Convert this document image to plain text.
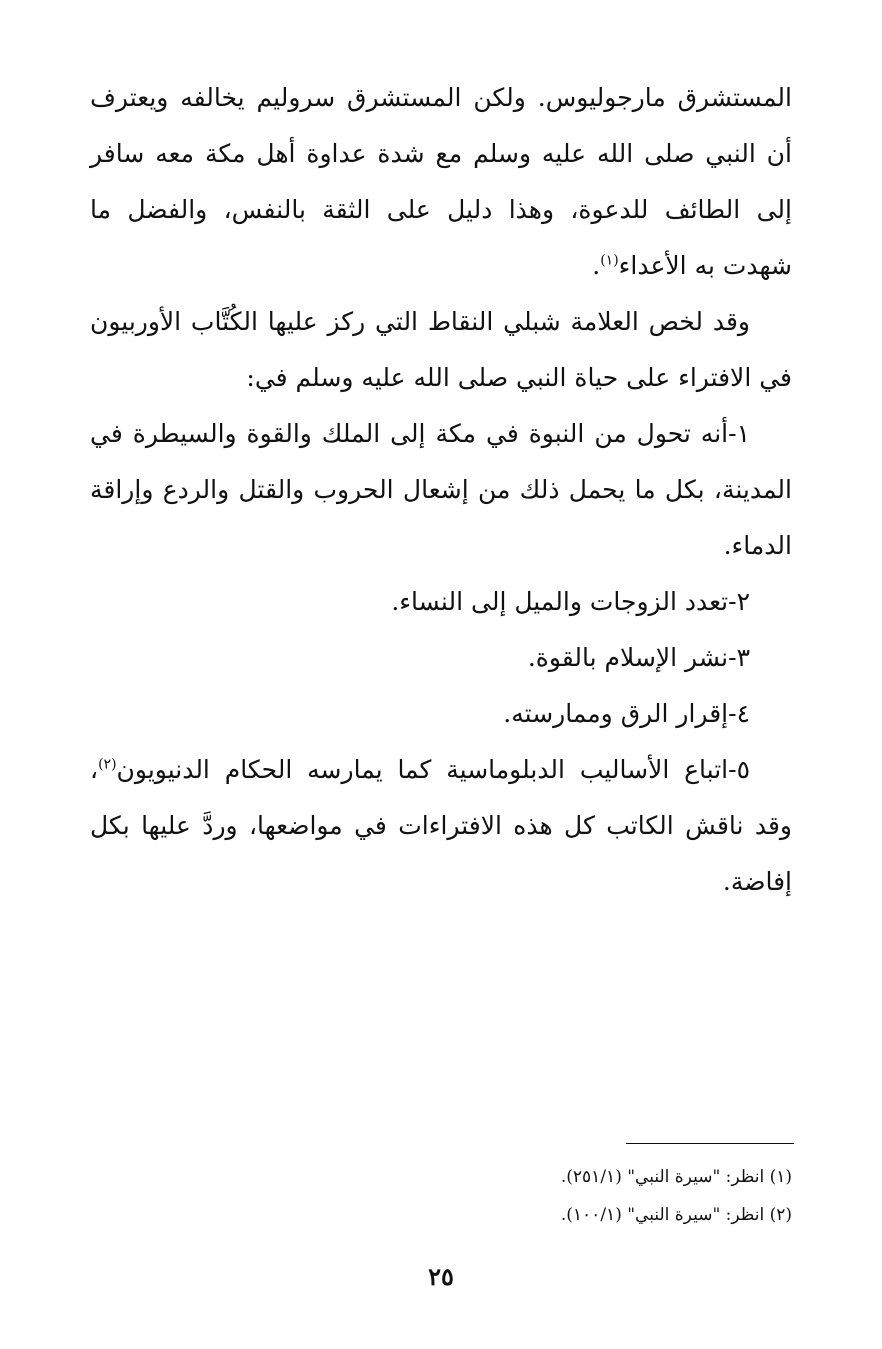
المستشرق مارجوليوس. ولكن المستشرق سروليم يخالفه ويعترف أن النبي صلى الله عليه وسلم مع شدة عداوة أهل مكة معه سافر إلى الطائف للدعوة، وهذا دليل على الثقة بالنفس، والفضل ما شهدت به الأعداء$^{(١)}$.

وقد لخص العلامة شبلي النقاط التي ركز عليها الكُتَّاب الأوربيون في الافتراء على حياة النبي صلى الله عليه وسلم في:

١-أنه تحول من النبوة في مكة إلى الملك والقوة والسيطرة في المدينة، بكل ما يحمل ذلك من إشعال الحروب والقتل والردع وإراقة الدماء.

٢-تعدد الزوجات والميل إلى النساء.

٣-نشر الإسلام بالقوة.

٤-إقرار الرق وممارسته.

٥-اتباع الأساليب الدبلوماسية كما يمارسه الحكام الدنيويون$^{(٢)}$، وقد ناقش الكاتب كل هذه الافتراءات في مواضعها، وردَّ عليها بكل إفاضة.

(١) انظر: "سيرة النبي" (٢٥١/١).

(٢) انظر: "سيرة النبي" (١٠٠/١).

٢٥
